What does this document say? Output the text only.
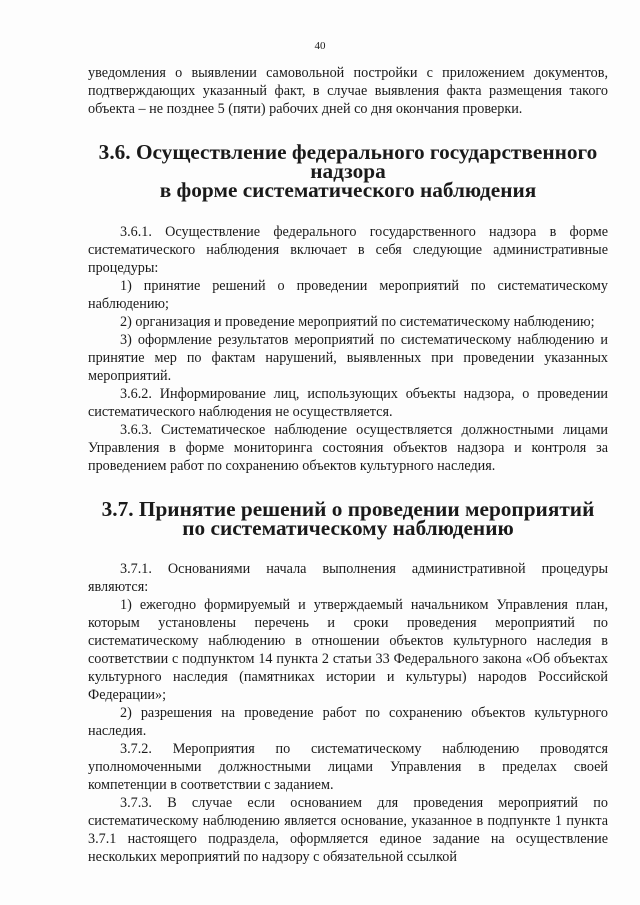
40

уведомления о выявлении самовольной постройки с приложением документов, подтверждающих указанный факт, в случае выявления факта размещения такого объекта – не позднее 5 (пяти) рабочих дней со дня окончания проверки.

3.6. Осуществление федерального государственного надзора
в форме систематического наблюдения

3.6.1. Осуществление федерального государственного надзора в форме систематического наблюдения включает в себя следующие административные процедуры:

1) принятие решений о проведении мероприятий по систематическому наблюдению;

2) организация и проведение мероприятий по систематическому наблюдению;

3) оформление результатов мероприятий по систематическому наблюдению и принятие мер по фактам нарушений, выявленных при проведении указанных мероприятий.

3.6.2. Информирование лиц, использующих объекты надзора, о проведении систематического наблюдения не осуществляется.

3.6.3. Систематическое наблюдение осуществляется должностными лицами Управления в форме мониторинга состояния объектов надзора и контроля за проведением работ по сохранению объектов культурного наследия.

3.7. Принятие решений о проведении мероприятий
по систематическому наблюдению

3.7.1. Основаниями начала выполнения административной процедуры являются:

1) ежегодно формируемый и утверждаемый начальником Управления план, которым установлены перечень и сроки проведения мероприятий по систематическому наблюдению в отношении объектов культурного наследия в соответствии с подпунктом 14 пункта 2 статьи 33 Федерального закона «Об объектах культурного наследия (памятниках истории и культуры) народов Российской Федерации»;

2) разрешения на проведение работ по сохранению объектов культурного наследия.

3.7.2. Мероприятия по систематическому наблюдению проводятся уполномоченными должностными лицами Управления в пределах своей компетенции в соответствии с заданием.

3.7.3. В случае если основанием для проведения мероприятий по систематическому наблюдению является основание, указанное в подпункте 1 пункта 3.7.1 настоящего подраздела, оформляется единое задание на осуществление нескольких мероприятий по надзору с обязательной ссылкой
